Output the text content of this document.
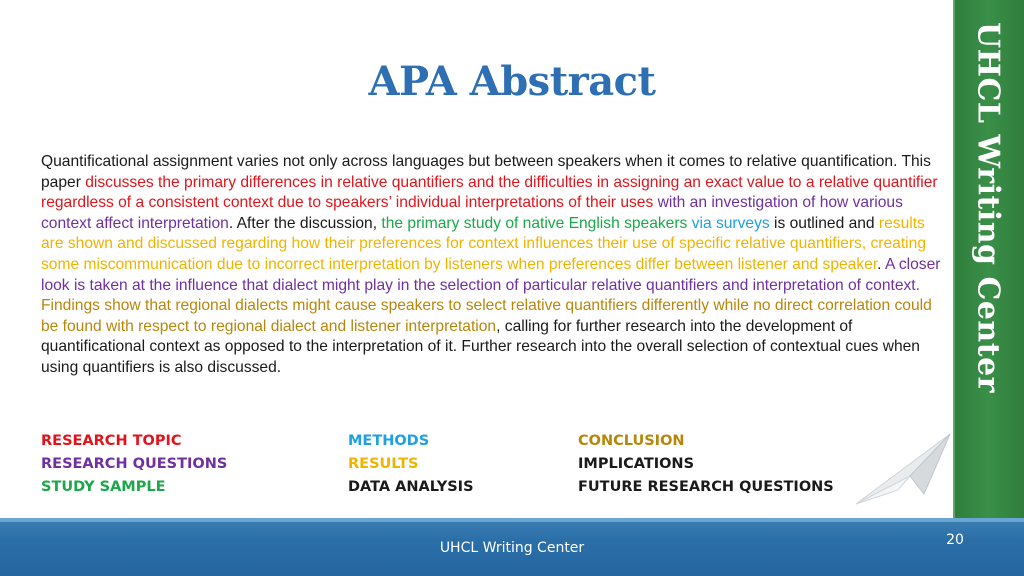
UHCL Writing Center
APA Abstract
Quantificational assignment varies not only across languages but between speakers when it comes to relative quantification. This paper discusses the primary differences in relative quantifiers and the difficulties in assigning an exact value to a relative quantifier regardless of a consistent context due to speakers’ individual interpretations of their uses with an investigation of how various context affect interpretation. After the discussion, the primary study of native English speakers via surveys is outlined and results are shown and discussed regarding how their preferences for context influences their use of specific relative quantifiers, creating some miscommunication due to incorrect interpretation by listeners when preferences differ between listener and speaker. A closer look is taken at the influence that dialect might play in the selection of particular relative quantifiers and interpretation of context. Findings show that regional dialects might cause speakers to select relative quantifiers differently while no direct correlation could be found with respect to regional dialect and listener interpretation, calling for further research into the development of quantificational context as opposed to the interpretation of it. Further research into the overall selection of contextual cues when using quantifiers is also discussed.
RESEARCH TOPIC
RESEARCH QUESTIONS
STUDY SAMPLE
METHODS
RESULTS
DATA ANALYSIS
CONCLUSION
IMPLICATIONS
FUTURE RESEARCH QUESTIONS
UHCL Writing Center	20
